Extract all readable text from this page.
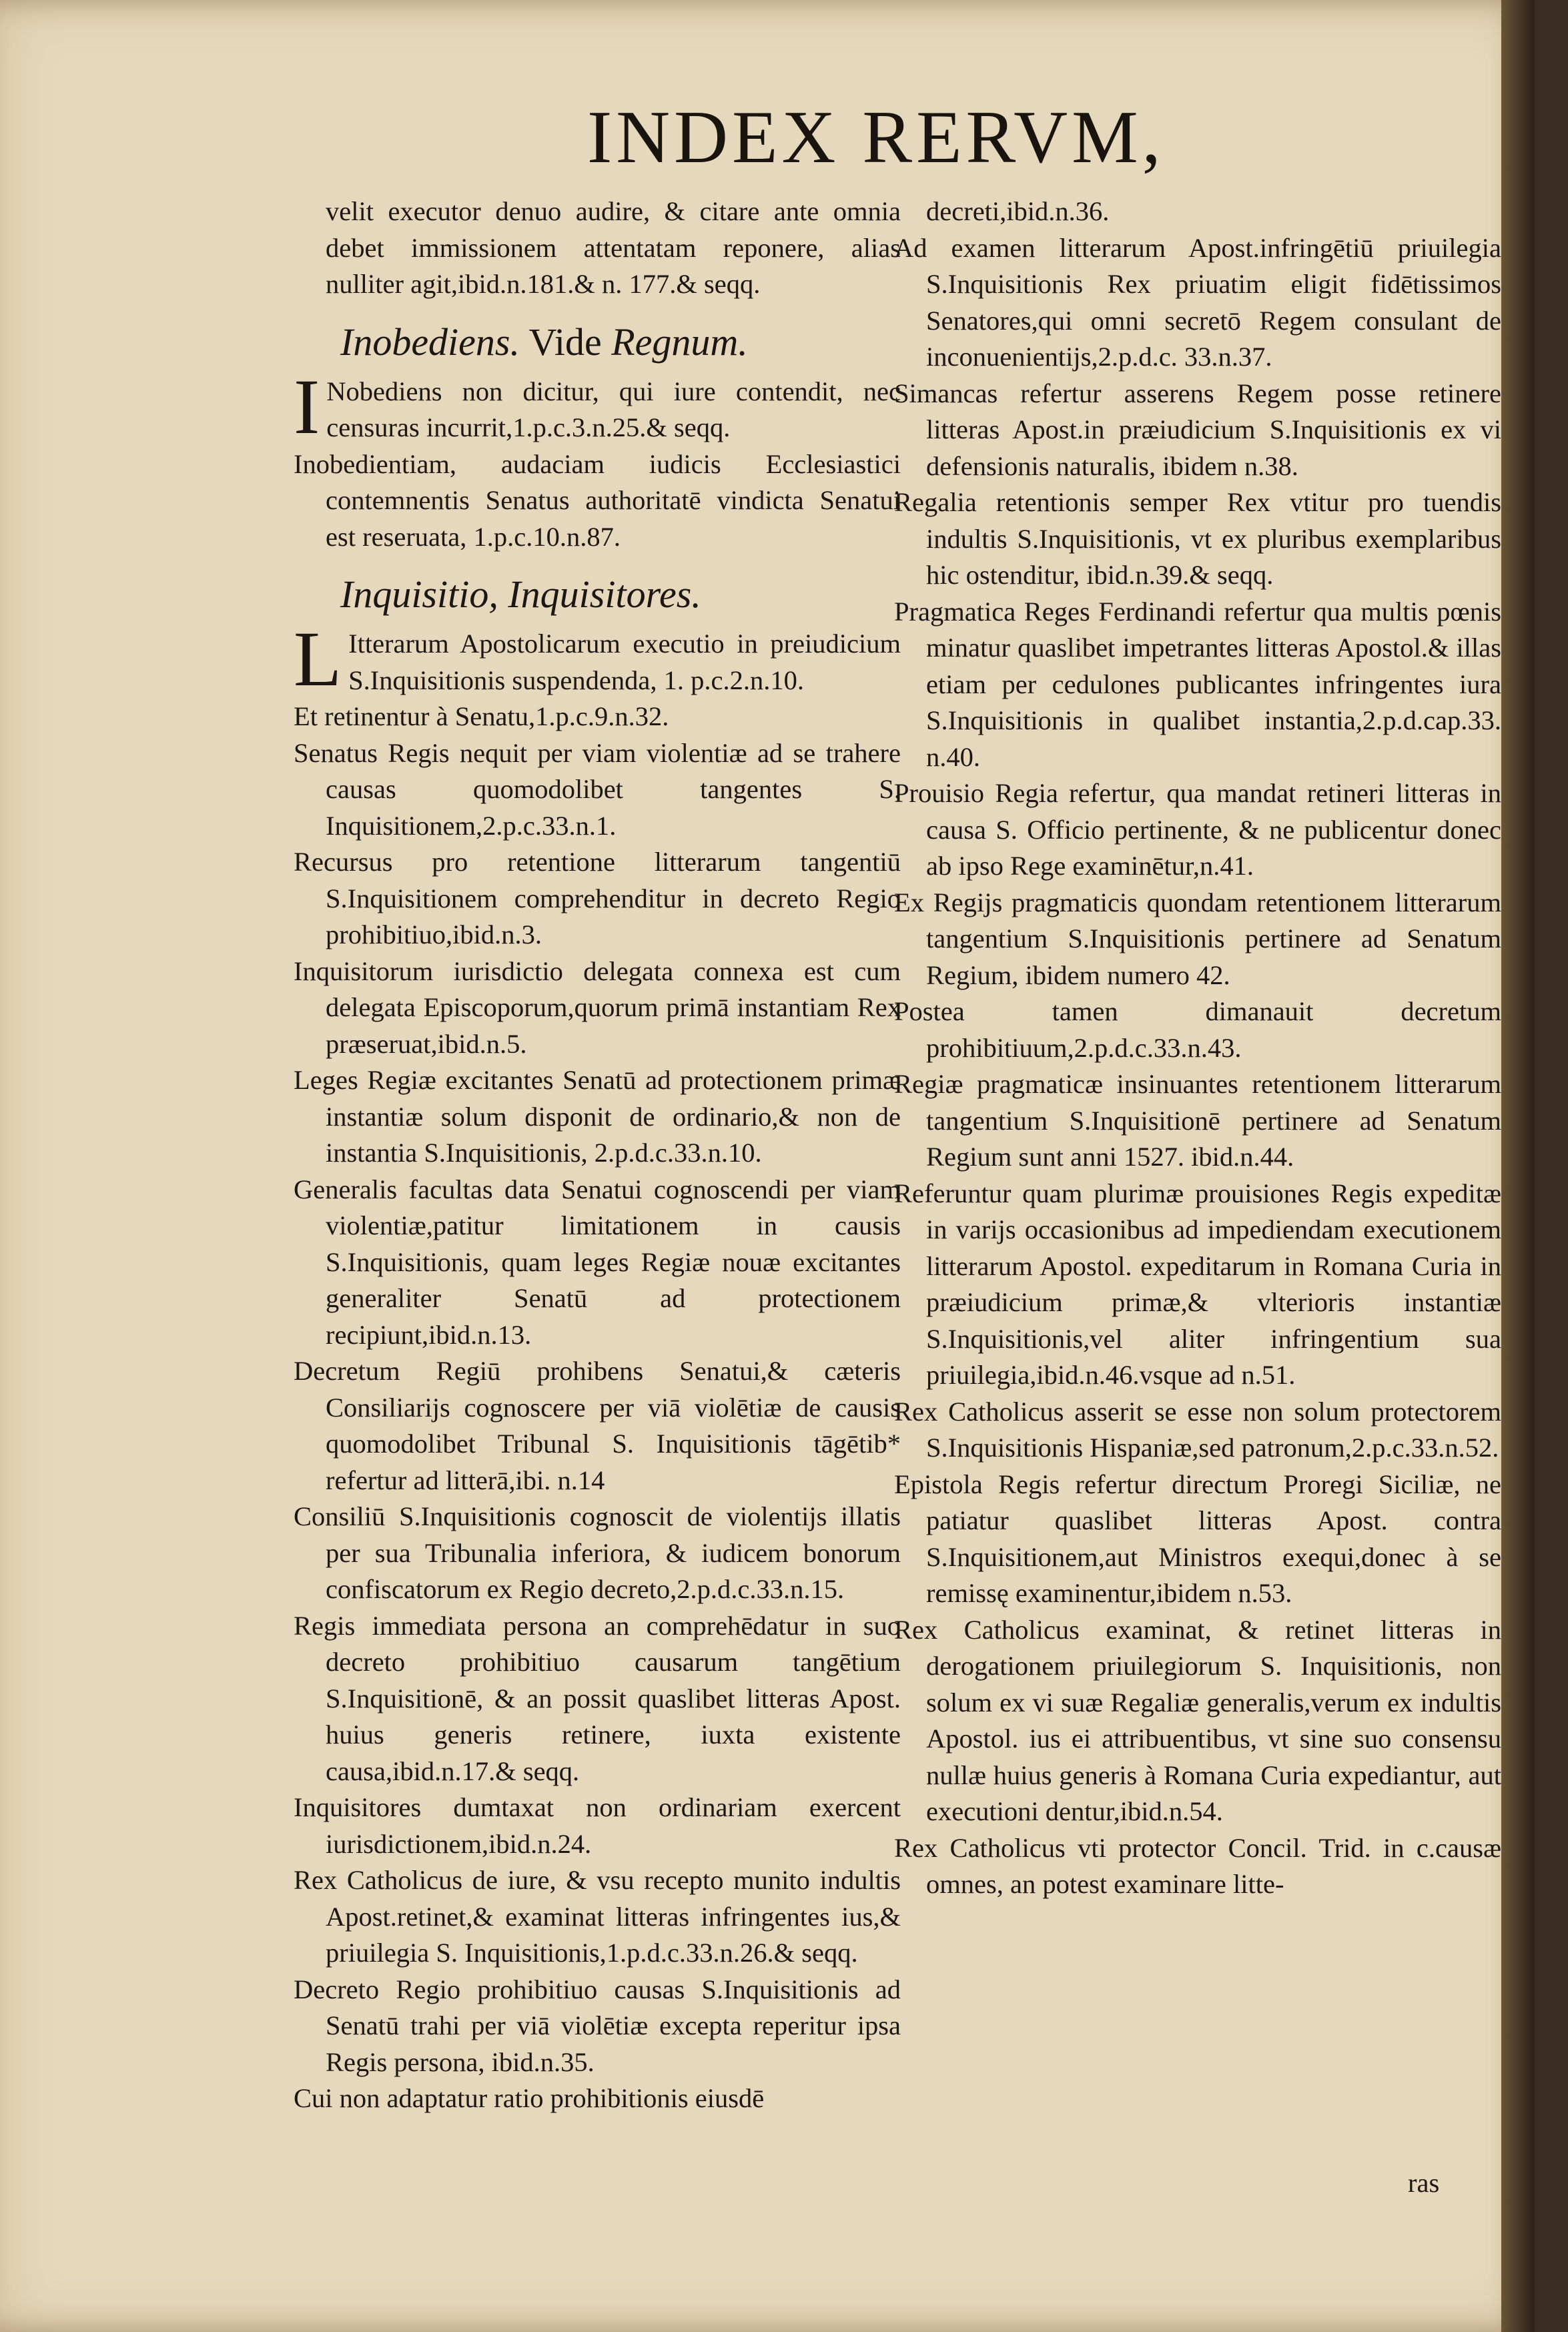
INDEX RERVM,

velit executor denuo audire, & citare ante omnia debet immissionem attentatam reponere, alias nulliter agit,ibid.n.181.& n. 177.& seqq.

Inobediens. Vide Regnum.

I Nobediens non dicitur, qui iure contendit, nec censuras incurrit,1.p.c.3.n.25.& seqq.

Inobedientiam, audaciam iudicis Ecclesiastici contemnentis Senatus authoritatē vindicta Senatui est reseruata, 1.p.c.10.n.87.

Inquisitio, Inquisitores.

L Itterarum Apostolicarum executio in preiudicium S.Inquisitionis suspendenda, 1. p.c.2.n.10.

Et retinentur à Senatu,1.p.c.9.n.32.

Senatus Regis nequit per viam violentiæ ad se trahere causas quomodolibet tangentes S. Inquisitionem,2.p.c.33.n.1.

Recursus pro retentione litterarum tangentiū S.Inquisitionem comprehenditur in decreto Regio prohibitiuo,ibid.n.3.

Inquisitorum iurisdictio delegata connexa est cum delegata Episcoporum,quorum primā instantiam Rex præseruat,ibid.n.5.

Leges Regiæ excitantes Senatū ad protectionem primæ instantiæ solum disponit de ordinario,& non de instantia S.Inquisitionis, 2.p.d.c.33.n.10.

Generalis facultas data Senatui cognoscendi per viam violentiæ,patitur limitationem in causis S.Inquisitionis, quam leges Regiæ nouæ excitantes generaliter Senatū ad protectionem recipiunt,ibid.n.13.

Decretum Regiū prohibens Senatui,& cæteris Consiliarijs cognoscere per viā violētiæ de causis quomodolibet Tribunal S. Inquisitionis tāgētib* refertur ad litterā,ibi. n.14

Consiliū S.Inquisitionis cognoscit de violentijs illatis per sua Tribunalia inferiora, & iudicem bonorum confiscatorum ex Regio decreto,2.p.d.c.33.n.15.

Regis immediata persona an comprehēdatur in suo decreto prohibitiuo causarum tangētium S.Inquisitionē, & an possit quaslibet litteras Apost. huius generis retinere, iuxta existente causa,ibid.n.17.& seqq.

Inquisitores dumtaxat non ordinariam exercent iurisdictionem,ibid.n.24.

Rex Catholicus de iure, & vsu recepto munito indultis Apost.retinet,& examinat litteras infringentes ius,& priuilegia S. Inquisitionis,1.p.d.c.33.n.26.& seqq.

Decreto Regio prohibitiuo causas S.Inquisitionis ad Senatū trahi per viā violētiæ excepta reperitur ipsa Regis persona, ibid.n.35.

Cui non adaptatur ratio prohibitionis eiusdē

decreti,ibid.n.36.

Ad examen litterarum Apost.infringētiū priuilegia S.Inquisitionis Rex priuatim eligit fidētissimos Senatores,qui omni secretō Regem consulant de inconuenientijs,2.p.d.c. 33.n.37.

Simancas refertur asserens Regem posse retinere litteras Apost.in præiudicium S.Inquisitionis ex vi defensionis naturalis, ibidem n.38.

Regalia retentionis semper Rex vtitur pro tuendis indultis S.Inquisitionis, vt ex pluribus exemplaribus hic ostenditur, ibid.n.39.& seqq.

Pragmatica Reges Ferdinandi refertur qua multis pœnis minatur quaslibet impetrantes litteras Apostol.& illas etiam per cedulones publicantes infringentes iura S.Inquisitionis in qualibet instantia,2.p.d.cap.33. n.40.

Prouisio Regia refertur, qua mandat retineri litteras in causa S. Officio pertinente, & ne publicentur donec ab ipso Rege examinētur,n.41.

Ex Regijs pragmaticis quondam retentionem litterarum tangentium S.Inquisitionis pertinere ad Senatum Regium, ibidem numero 42.

Postea tamen dimanauit decretum prohibitiuum,2.p.d.c.33.n.43.

Regiæ pragmaticæ insinuantes retentionem litterarum tangentium S.Inquisitionē pertinere ad Senatum Regium sunt anni 1527. ibid.n.44.

Referuntur quam plurimæ prouisiones Regis expeditæ in varijs occasionibus ad impediendam executionem litterarum Apostol. expeditarum in Romana Curia in præiudicium primæ,& vlterioris instantiæ S.Inquisitionis,vel aliter infringentium sua priuilegia,ibid.n.46.vsque ad n.51.

Rex Catholicus asserit se esse non solum protectorem S.Inquisitionis Hispaniæ,sed patronum,2.p.c.33.n.52.

Epistola Regis refertur directum Proregi Siciliæ, ne patiatur quaslibet litteras Apost. contra S.Inquisitionem,aut Ministros exequi,donec à se remissę examinentur,ibidem n.53.

Rex Catholicus examinat, & retinet litteras in derogationem priuilegiorum S. Inquisitionis, non solum ex vi suæ Regaliæ generalis,verum ex indultis Apostol. ius ei attribuentibus, vt sine suo consensu nullæ huius generis à Romana Curia expediantur, aut executioni dentur,ibid.n.54.

Rex Catholicus vti protector Concil. Trid. in c.causæ omnes, an potest examinare litte-

ras
